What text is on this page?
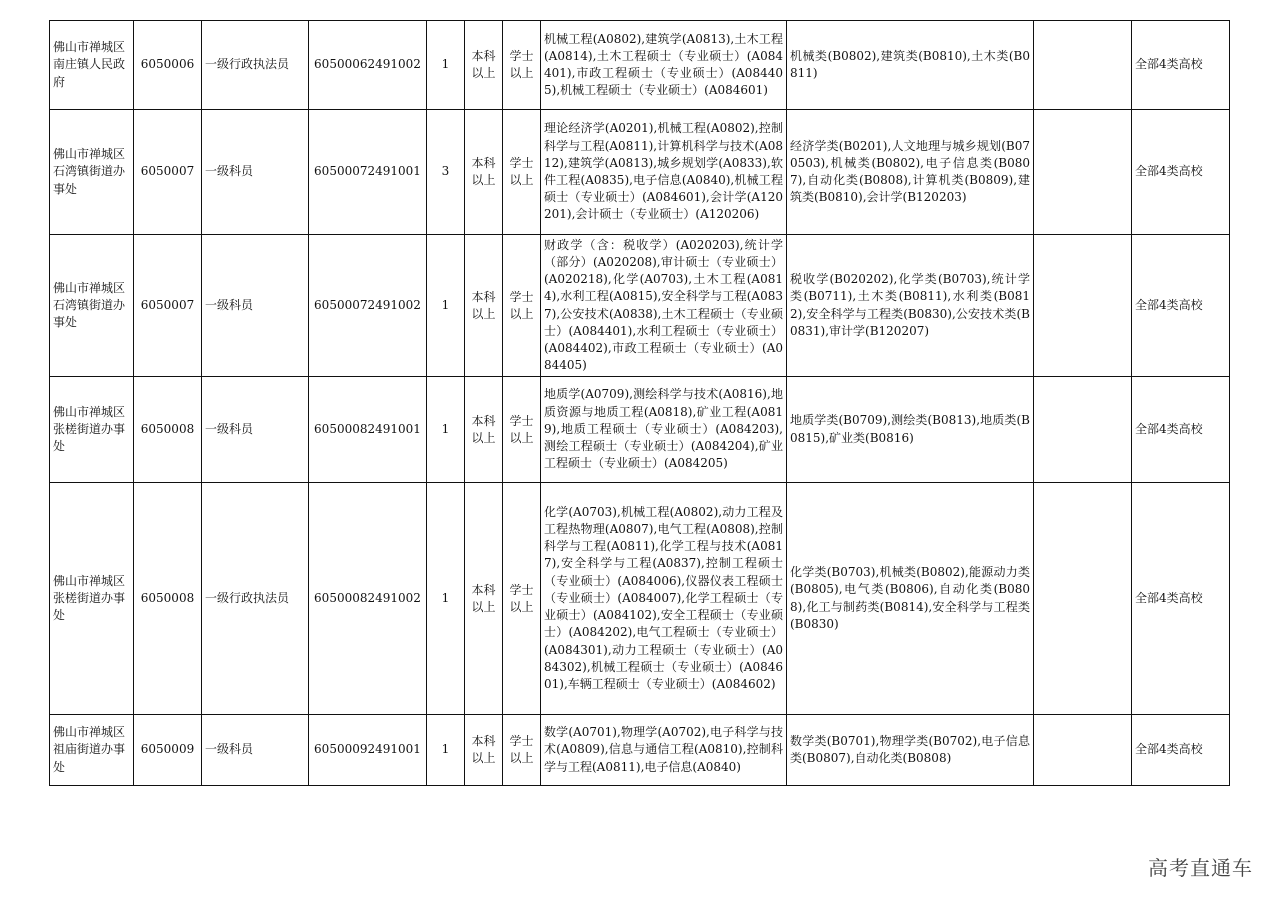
佛山市禅城区南庄镇人民政府	6050006	一级行政执法员	60500062491002	1	本科以上	学士以上	机械工程(A0802),建筑学(A0813),土木工程(A0814),土木工程硕士（专业硕士）(A084401),市政工程硕士（专业硕士）(A084405),机械工程硕士（专业硕士）(A084601)	机械类(B0802),建筑类(B0810),土木类(B0811)		全部4类高校
佛山市禅城区石湾镇街道办事处	6050007	一级科员	60500072491001	3	本科以上	学士以上	理论经济学(A0201),机械工程(A0802),控制科学与工程(A0811),计算机科学与技术(A0812),建筑学(A0813),城乡规划学(A0833),软件工程(A0835),电子信息(A0840),机械工程硕士（专业硕士）(A084601),会计学(A120201),会计硕士（专业硕士）(A120206)	经济学类(B0201),人文地理与城乡规划(B070503),机械类(B0802),电子信息类(B0807),自动化类(B0808),计算机类(B0809),建筑类(B0810),会计学(B120203)		全部4类高校
佛山市禅城区石湾镇街道办事处	6050007	一级科员	60500072491002	1	本科以上	学士以上	财政学（含：税收学）(A020203),统计学（部分）(A020208),审计硕士（专业硕士）(A020218),化学(A0703),土木工程(A0814),水利工程(A0815),安全科学与工程(A0837),公安技术(A0838),土木工程硕士（专业硕士）(A084401),水利工程硕士（专业硕士）(A084402),市政工程硕士（专业硕士）(A084405)	税收学(B020202),化学类(B0703),统计学类(B0711),土木类(B0811),水利类(B0812),安全科学与工程类(B0830),公安技术类(B0831),审计学(B120207)		全部4类高校
佛山市禅城区张槎街道办事处	6050008	一级科员	60500082491001	1	本科以上	学士以上	地质学(A0709),测绘科学与技术(A0816),地质资源与地质工程(A0818),矿业工程(A0819),地质工程硕士（专业硕士）(A084203),测绘工程硕士（专业硕士）(A084204),矿业工程硕士（专业硕士）(A084205)	地质学类(B0709),测绘类(B0813),地质类(B0815),矿业类(B0816)		全部4类高校
佛山市禅城区张槎街道办事处	6050008	一级行政执法员	60500082491002	1	本科以上	学士以上	化学(A0703),机械工程(A0802),动力工程及工程热物理(A0807),电气工程(A0808),控制科学与工程(A0811),化学工程与技术(A0817),安全科学与工程(A0837),控制工程硕士（专业硕士）(A084006),仪器仪表工程硕士（专业硕士）(A084007),化学工程硕士（专业硕士）(A084102),安全工程硕士（专业硕士）(A084202),电气工程硕士（专业硕士）(A084301),动力工程硕士（专业硕士）(A084302),机械工程硕士（专业硕士）(A084601),车辆工程硕士（专业硕士）(A084602)	化学类(B0703),机械类(B0802),能源动力类(B0805),电气类(B0806),自动化类(B0808),化工与制药类(B0814),安全科学与工程类(B0830)		全部4类高校
佛山市禅城区祖庙街道办事处	6050009	一级科员	60500092491001	1	本科以上	学士以上	数学(A0701),物理学(A0702),电子科学与技术(A0809),信息与通信工程(A0810),控制科学与工程(A0811),电子信息(A0840)	数学类(B0701),物理学类(B0702),电子信息类(B0807),自动化类(B0808)		全部4类高校
高考直通车
